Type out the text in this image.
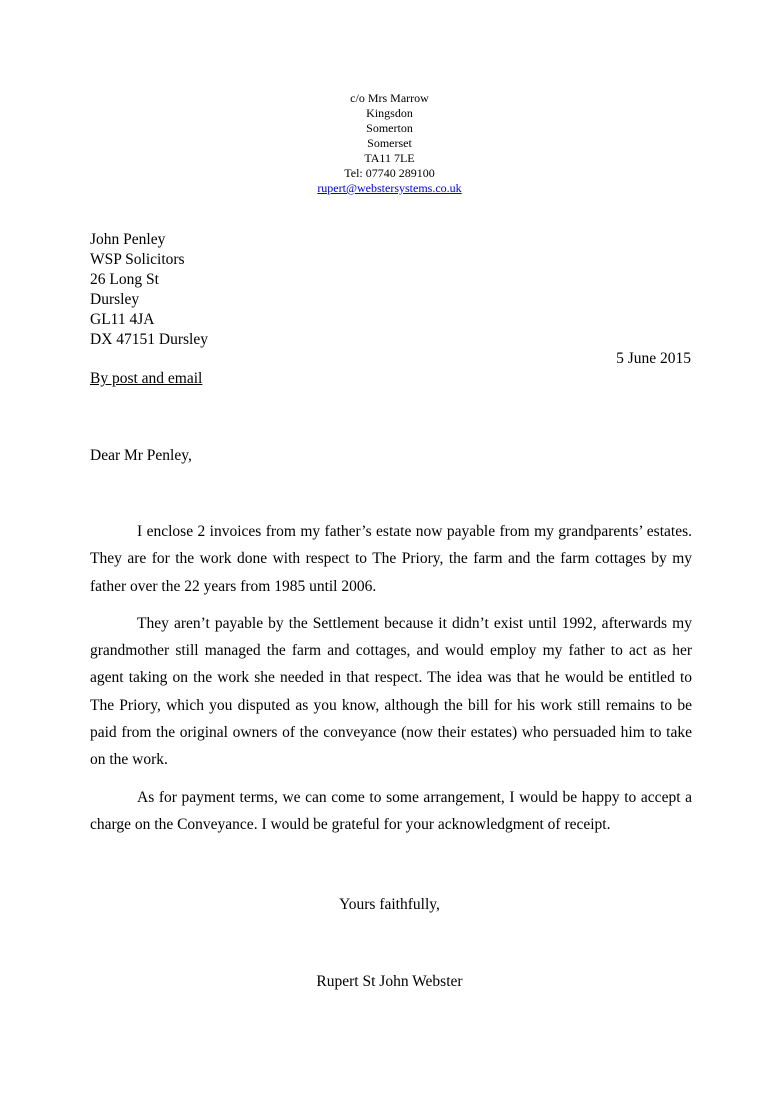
c/o Mrs Marrow
Kingsdon
Somerton
Somerset
TA11 7LE
Tel: 07740 289100
rupert@webstersystems.co.uk
John Penley
WSP Solicitors
26 Long St
Dursley
GL11 4JA
DX 47151 Dursley
5 June 2015
By post and email
Dear Mr Penley,

I enclose 2 invoices from my father’s estate now payable from my grandparents’ estates. They are for the work done with respect to The Priory, the farm and the farm cottages by my father over the 22 years from 1985 until 2006.

They aren’t payable by the Settlement because it didn’t exist until 1992, afterwards my grandmother still managed the farm and cottages, and would employ my father to act as her agent taking on the work she needed in that respect. The idea was that he would be entitled to The Priory, which you disputed as you know, although the bill for his work still remains to be paid from the original owners of the conveyance (now their estates) who persuaded him to take on the work.

As for payment terms, we can come to some arrangement, I would be happy to accept a charge on the Conveyance. I would be grateful for your acknowledgment of receipt.

Yours faithfully,
Rupert St John Webster
